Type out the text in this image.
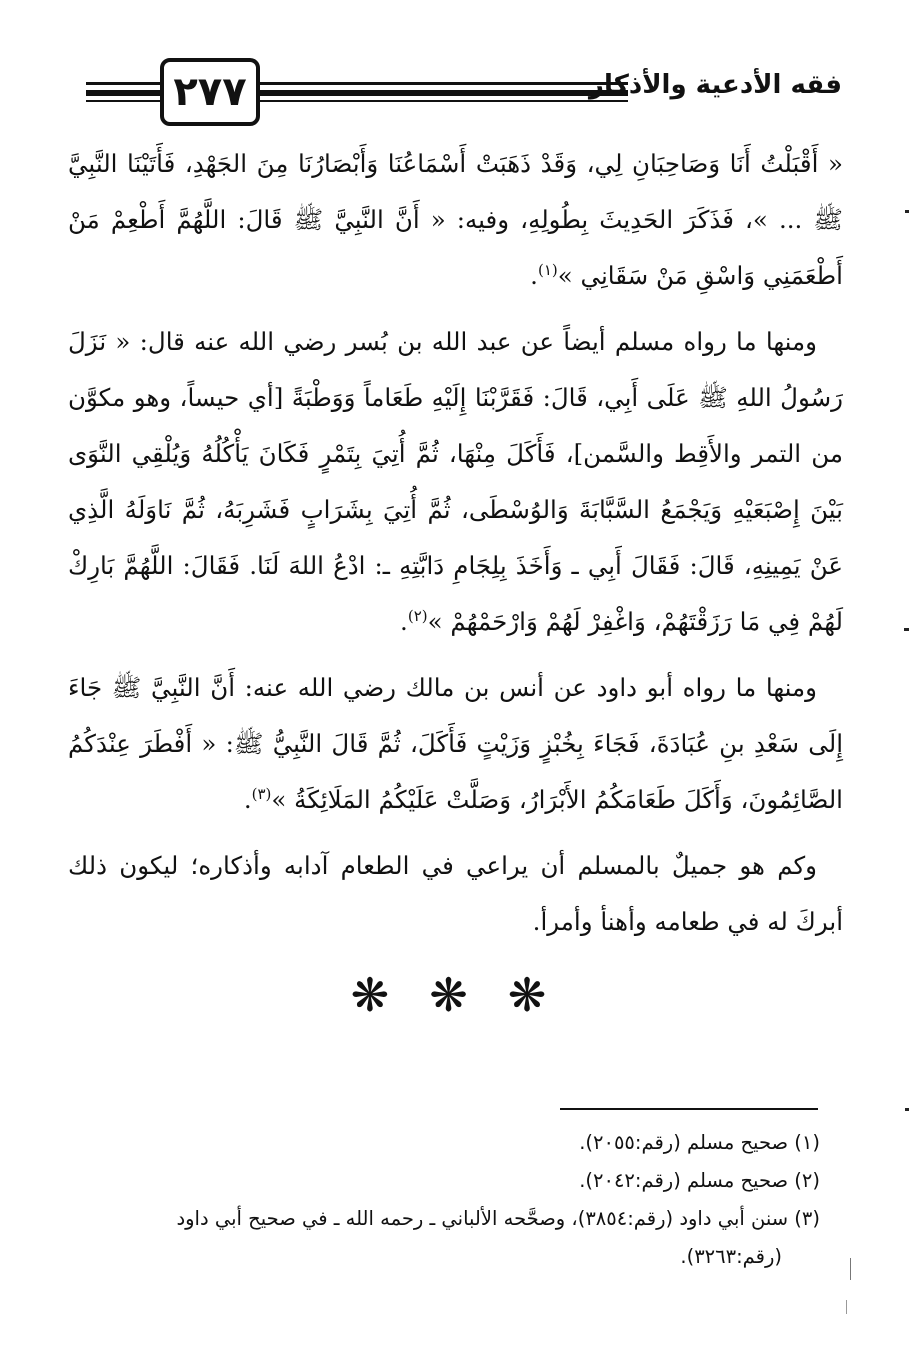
٢٧٧	فقه الأدعية والأذكار

« أَقْبَلْتُ أَنَا وَصَاحِبَانِ لِي، وَقَدْ ذَهَبَتْ أَسْمَاعُنَا وَأَبْصَارُنَا مِنَ الجَهْدِ، فَأَتَيْنَا النَّبِيَّ ﷺ ... »، فَذَكَرَ الحَدِيثَ بِطُولِهِ، وفيه: « أَنَّ النَّبِيَّ ﷺ قَالَ: اللَّهُمَّ أَطْعِمْ مَنْ أَطْعَمَنِي وَاسْقِ مَنْ سَقَانِي »$^{(١)}$.

ومنها ما رواه مسلم أيضاً عن عبد الله بن بُسر رضي الله عنه قال: « نَزَلَ رَسُولُ اللهِ ﷺ عَلَى أَبِي، قَالَ: فَقَرَّبْنَا إِلَيْهِ طَعَاماً وَوَطْبَةً [أي حيساً، وهو مكوَّن من التمر والأَقِط والسَّمن]، فَأَكَلَ مِنْهَا، ثُمَّ أُتِيَ بِتَمْرٍ فَكَانَ يَأْكُلُهُ وَيُلْقِي النَّوَى بَيْنَ إِصْبَعَيْهِ وَيَجْمَعُ السَّبَّابَةَ وَالوُسْطَى، ثُمَّ أُتِيَ بِشَرَابٍ فَشَرِبَهُ، ثُمَّ نَاوَلَهُ الَّذِي عَنْ يَمِينِهِ، قَالَ: فَقَالَ أَبِي ـ وَأَخَذَ بِلِجَامِ دَابَّتِهِ ـ: ادْعُ اللهَ لَنَا. فَقَالَ: اللَّهُمَّ بَارِكْ لَهُمْ فِي مَا رَزَقْتَهُمْ، وَاغْفِرْ لَهُمْ وَارْحَمْهُمْ »$^{(٢)}$.

ومنها ما رواه أبو داود عن أنس بن مالك رضي الله عنه: أَنَّ النَّبِيَّ ﷺ جَاءَ إِلَى سَعْدِ بنِ عُبَادَةَ، فَجَاءَ بِخُبْزٍ وَزَيْتٍ فَأَكَلَ، ثُمَّ قَالَ النَّبِيُّ ﷺ: « أَفْطَرَ عِنْدَكُمُ الصَّائِمُونَ، وَأَكَلَ طَعَامَكُمُ الأَبْرَارُ، وَصَلَّتْ عَلَيْكُمُ المَلَائِكَةُ »$^{(٣)}$.

وكم هو جميلٌ بالمسلم أن يراعي في الطعام آدابه وأذكاره؛ ليكون ذلك أبركَ له في طعامه وأهنأ وأمرأ.

❋ ❋ ❋

(١) صحيح مسلم (رقم:٢٠٥٥).

(٢) صحيح مسلم (رقم:٢٠٤٢).

(٣) سنن أبي داود (رقم:٣٨٥٤)، وصحَّحه الألباني ـ رحمه الله ـ في صحيح أبي داود
(رقم:٣٢٦٣).
